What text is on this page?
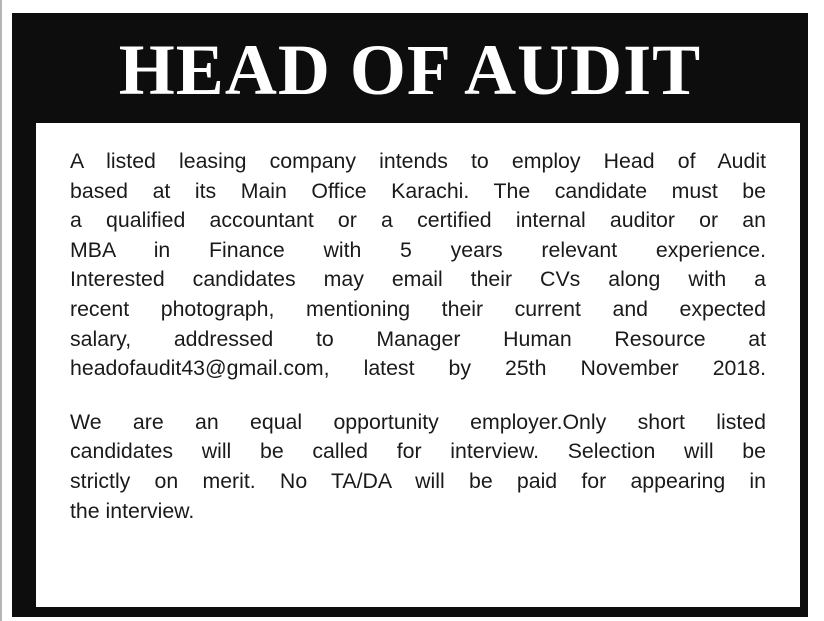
HEAD OF AUDIT

A listed leasing company intends to employ Head of Audit
based at its Main Office Karachi. The candidate must be
a qualified accountant or a certified internal auditor or an
MBA in Finance with 5 years relevant experience.
Interested candidates may email their CVs along with a
recent photograph, mentioning their current and expected
salary, addressed to Manager Human Resource at
headofaudit43@gmail.com, latest by 25th November 2018.

We are an equal opportunity employer.Only short listed
candidates will be called for interview. Selection will be
strictly on merit. No TA/DA will be paid for appearing in
the interview.
